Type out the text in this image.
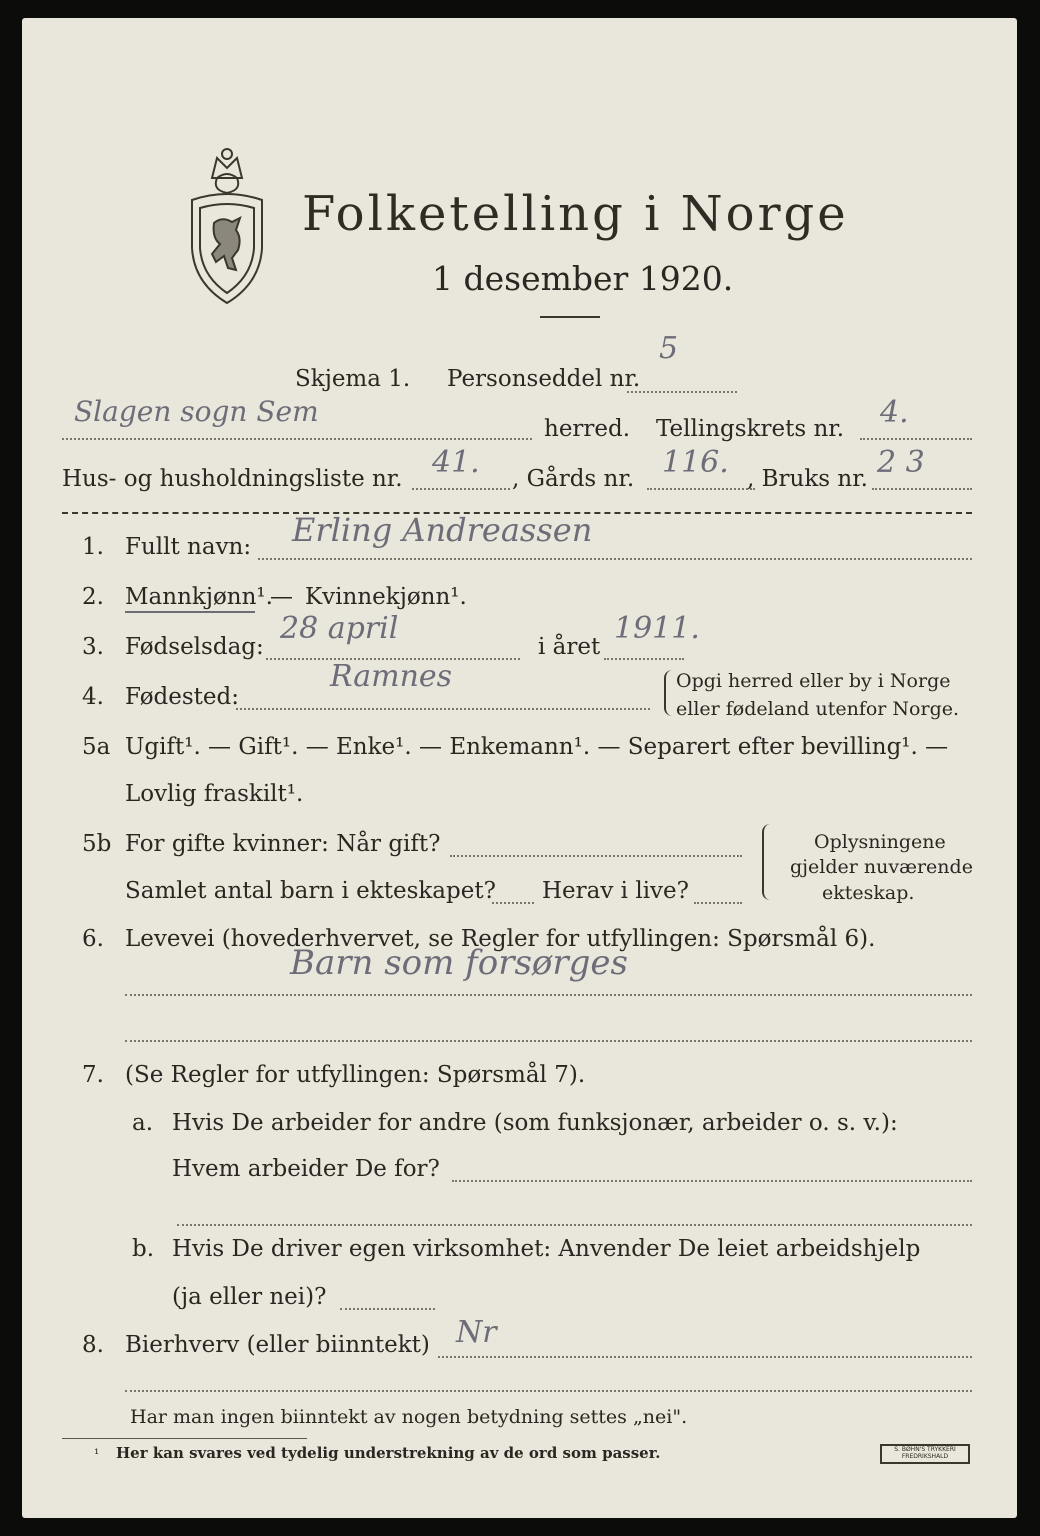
Folketelling i Norge
1 desember 1920.
Skjema 1. Personseddel nr.
5
Slagen sogn Sem
herred. Tellingskrets nr. 4.
Hus- og husholdningsliste nr. 41. , Gårds nr. 116. , Bruks nr. 2 3
1. Fullt navn: Erling Andreassen
2. Mannkjønn¹.
— Kvinnekjønn¹.
3. Fødselsdag:
28 april
i året
1911.
4. Fødested:
Ramnes	Opgi herred eller by i Norge
eller fødeland utenfor Norge.
5a Ugift¹. — Gift¹. — Enke¹. — Enkemann¹. — Separert efter bevilling¹. —
Lovlig fraskilt¹.
5b For gifte kvinner: Når gift?
Samlet antal barn i ekteskapet? Herav i live?
Oplysningene
gjelder nuværende
ekteskap.
6. Levevei (hovederhvervet, se Regler for utfyllingen: Spørsmål 6).
Barn som forsørges
7. (Se Regler for utfyllingen: Spørsmål 7).
a. Hvis De arbeider for andre (som funksjonær, arbeider o. s. v.):
Hvem arbeider De for?
b. Hvis De driver egen virksomhet: Anvender De leiet arbeidshjelp
(ja eller nei)?
8. Bierhverv (eller biinntekt) Nr
Har man ingen biinntekt av nogen betydning settes „nei".
¹ Her kan svares ved tydelig understrekning av de ord som passer.	S. BØHN'S TRYKKERI FREDRIKSHALD
